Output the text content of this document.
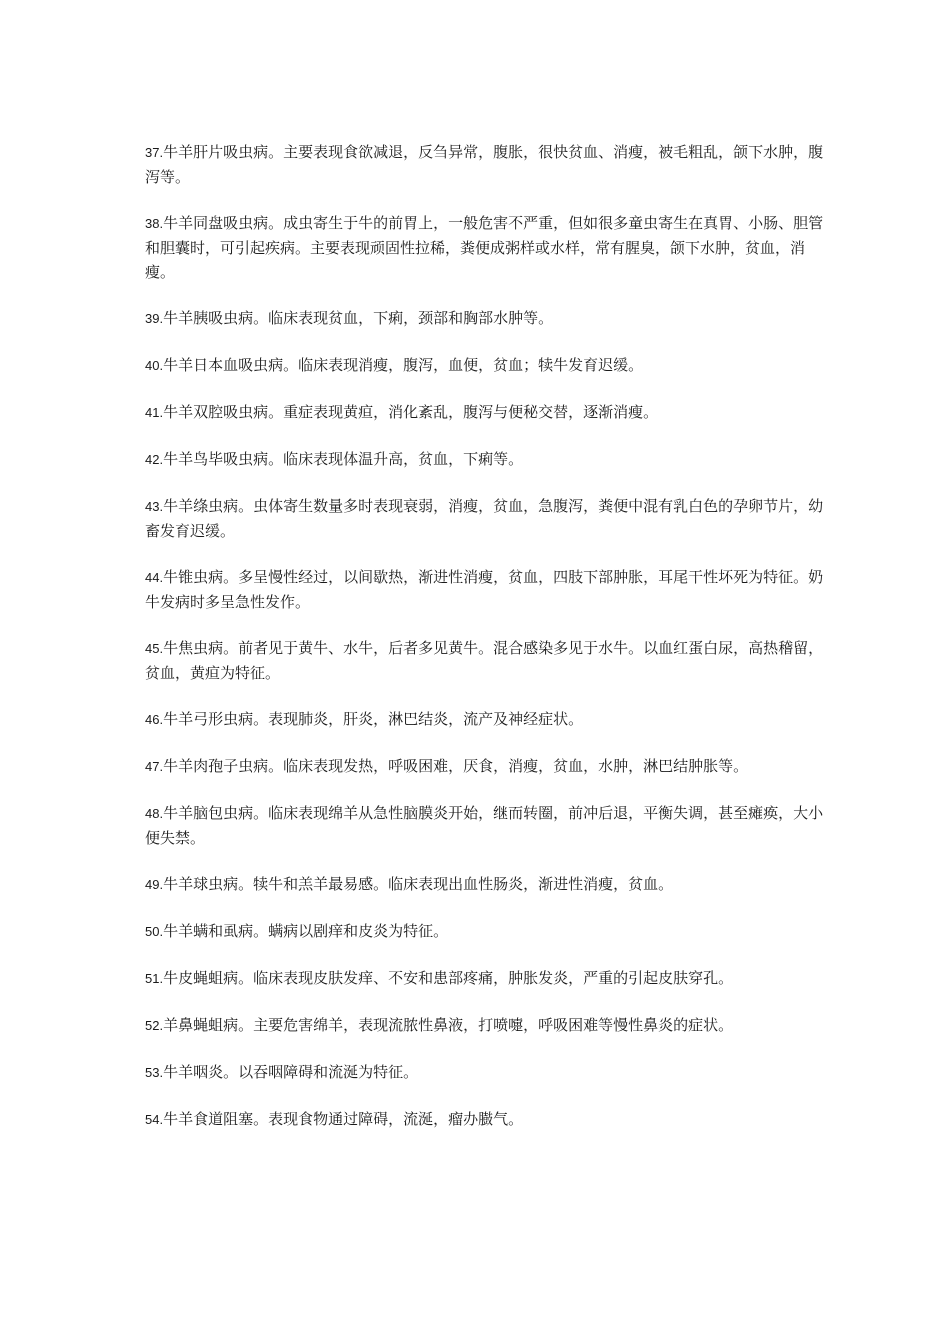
37.牛羊肝片吸虫病。主要表现食欲减退，反刍异常，腹胀，很快贫血、消瘦，被毛粗乱，颌下水肿，腹泻等。

38.牛羊同盘吸虫病。成虫寄生于牛的前胃上，一般危害不严重，但如很多童虫寄生在真胃、小肠、胆管和胆囊时，可引起疾病。主要表现顽固性拉稀，粪便成粥样或水样，常有腥臭，颌下水肿，贫血，消瘦。

39.牛羊胰吸虫病。临床表现贫血，下痢，颈部和胸部水肿等。

40.牛羊日本血吸虫病。临床表现消瘦，腹泻，血便，贫血；犊牛发育迟缓。

41.牛羊双腔吸虫病。重症表现黄疸，消化紊乱，腹泻与便秘交替，逐渐消瘦。

42.牛羊鸟毕吸虫病。临床表现体温升高，贫血，下痢等。

43.牛羊绦虫病。虫体寄生数量多时表现衰弱，消瘦，贫血，急腹泻，粪便中混有乳白色的孕卵节片，幼畜发育迟缓。

44.牛锥虫病。多呈慢性经过，以间歇热，渐进性消瘦，贫血，四肢下部肿胀，耳尾干性坏死为特征。奶牛发病时多呈急性发作。

45.牛焦虫病。前者见于黄牛、水牛，后者多见黄牛。混合感染多见于水牛。以血红蛋白尿，高热稽留，贫血，黄疸为特征。

46.牛羊弓形虫病。表现肺炎，肝炎，淋巴结炎，流产及神经症状。

47.牛羊肉孢子虫病。临床表现发热，呼吸困难，厌食，消瘦，贫血，水肿，淋巴结肿胀等。

48.牛羊脑包虫病。临床表现绵羊从急性脑膜炎开始，继而转圈，前冲后退，平衡失调，甚至瘫痪，大小便失禁。

49.牛羊球虫病。犊牛和羔羊最易感。临床表现出血性肠炎，渐进性消瘦，贫血。

50.牛羊螨和虱病。螨病以剧痒和皮炎为特征。

51.牛皮蝇蛆病。临床表现皮肤发痒、不安和患部疼痛，肿胀发炎，严重的引起皮肤穿孔。

52.羊鼻蝇蛆病。主要危害绵羊，表现流脓性鼻液，打喷嚏，呼吸困难等慢性鼻炎的症状。

53.牛羊咽炎。以吞咽障碍和流涎为特征。

54.牛羊食道阻塞。表现食物通过障碍，流涎，瘤办臌气。
